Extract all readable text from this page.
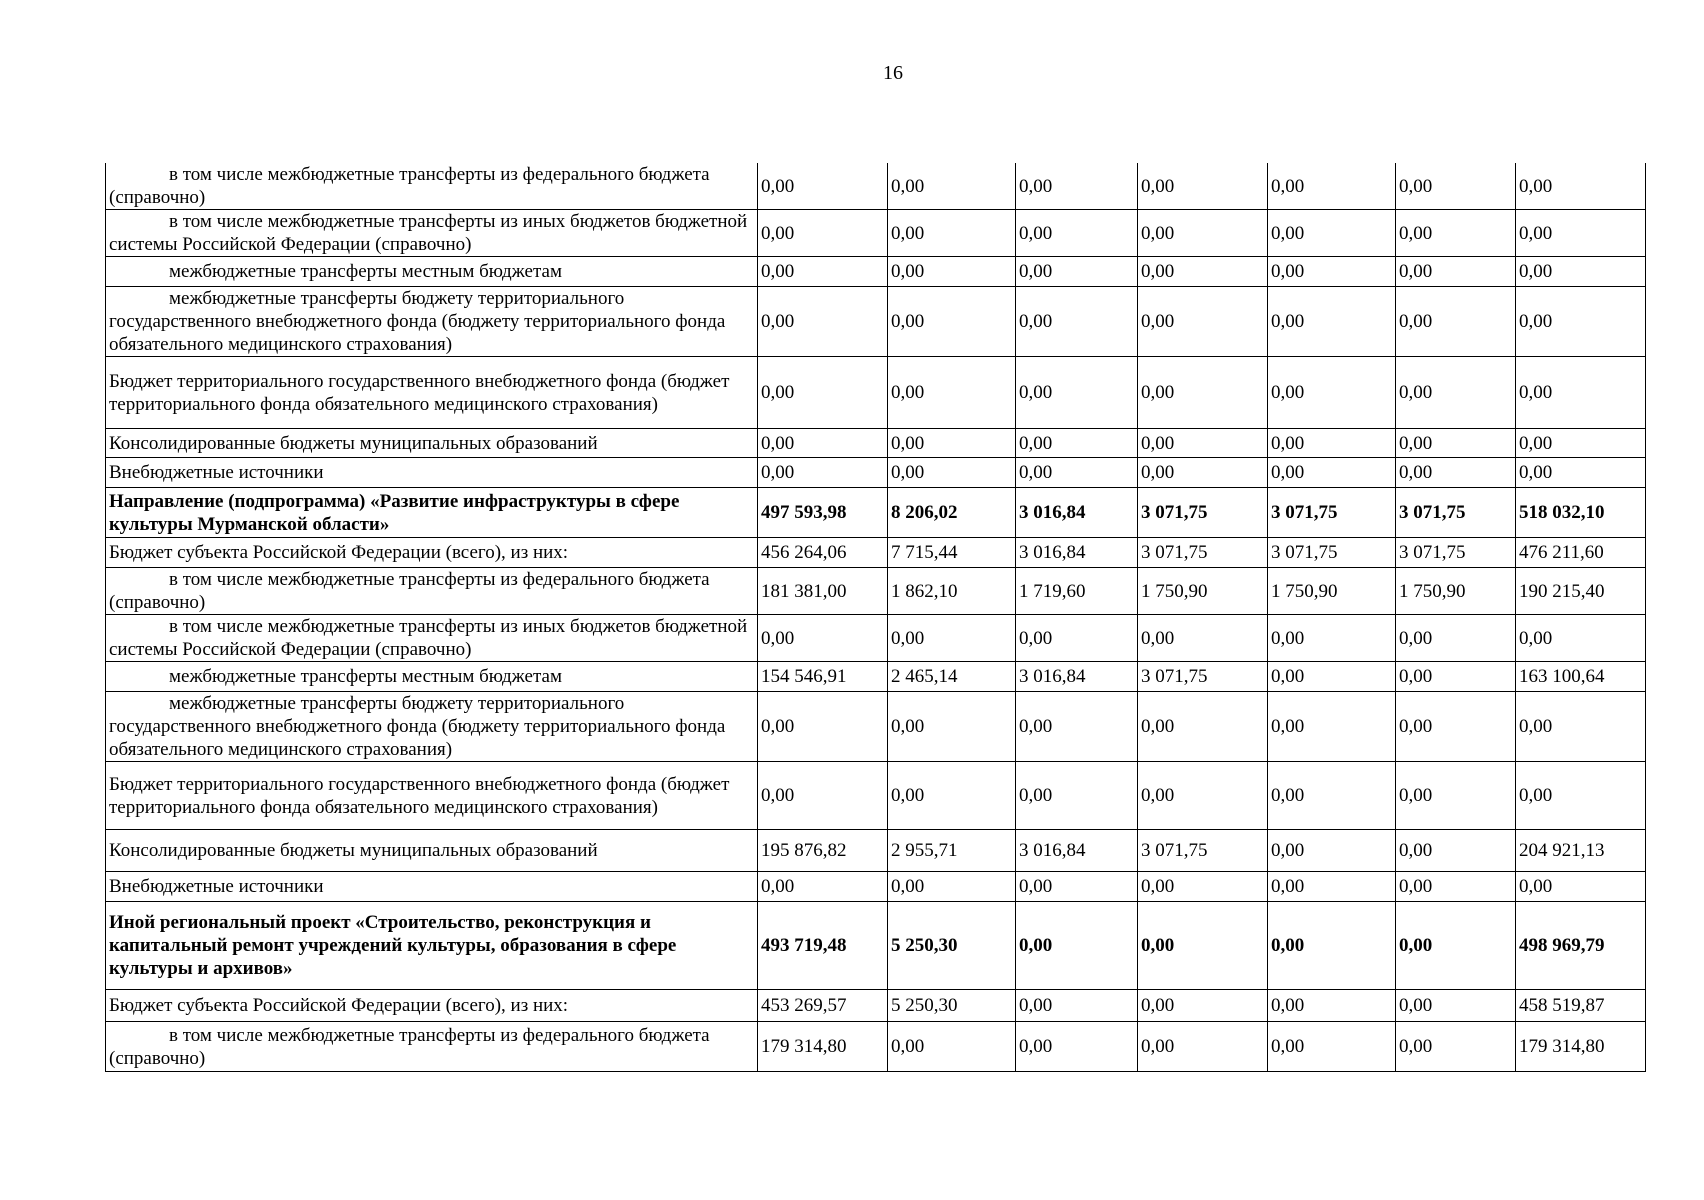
16
в том числе межбюджетные трансферты из федерального бюджета (справочно)	0,00	0,00	0,00	0,00	0,00	0,00	0,00
в том числе межбюджетные трансферты из иных бюджетов бюджетной системы Российской Федерации (справочно)	0,00	0,00	0,00	0,00	0,00	0,00	0,00
межбюджетные трансферты местным бюджетам	0,00	0,00	0,00	0,00	0,00	0,00	0,00
межбюджетные трансферты бюджету территориального государственного внебюджетного фонда (бюджету территориального фонда обязательного медицинского страхования)	0,00	0,00	0,00	0,00	0,00	0,00	0,00
Бюджет территориального государственного внебюджетного фонда (бюджет территориального фонда обязательного медицинского страхования)	0,00	0,00	0,00	0,00	0,00	0,00	0,00
Консолидированные бюджеты муниципальных образований	0,00	0,00	0,00	0,00	0,00	0,00	0,00
Внебюджетные источники	0,00	0,00	0,00	0,00	0,00	0,00	0,00
Направление (подпрограмма) «Развитие инфраструктуры в сфере культуры Мурманской области»	497 593,98	8 206,02	3 016,84	3 071,75	3 071,75	3 071,75	518 032,10
Бюджет субъекта Российской Федерации (всего), из них:	456 264,06	7 715,44	3 016,84	3 071,75	3 071,75	3 071,75	476 211,60
в том числе межбюджетные трансферты из федерального бюджета (справочно)	181 381,00	1 862,10	1 719,60	1 750,90	1 750,90	1 750,90	190 215,40
в том числе межбюджетные трансферты из иных бюджетов бюджетной системы Российской Федерации (справочно)	0,00	0,00	0,00	0,00	0,00	0,00	0,00
межбюджетные трансферты местным бюджетам	154 546,91	2 465,14	3 016,84	3 071,75	0,00	0,00	163 100,64
межбюджетные трансферты бюджету территориального государственного внебюджетного фонда (бюджету территориального фонда обязательного медицинского страхования)	0,00	0,00	0,00	0,00	0,00	0,00	0,00
Бюджет территориального государственного внебюджетного фонда (бюджет территориального фонда обязательного медицинского страхования)	0,00	0,00	0,00	0,00	0,00	0,00	0,00
Консолидированные бюджеты муниципальных образований	195 876,82	2 955,71	3 016,84	3 071,75	0,00	0,00	204 921,13
Внебюджетные источники	0,00	0,00	0,00	0,00	0,00	0,00	0,00
Иной региональный проект «Строительство, реконструкция и капитальный ремонт учреждений культуры, образования в сфере культуры и архивов»	493 719,48	5 250,30	0,00	0,00	0,00	0,00	498 969,79
Бюджет субъекта Российской Федерации (всего), из них:	453 269,57	5 250,30	0,00	0,00	0,00	0,00	458 519,87
в том числе межбюджетные трансферты из федерального бюджета (справочно)	179 314,80	0,00	0,00	0,00	0,00	0,00	179 314,80
